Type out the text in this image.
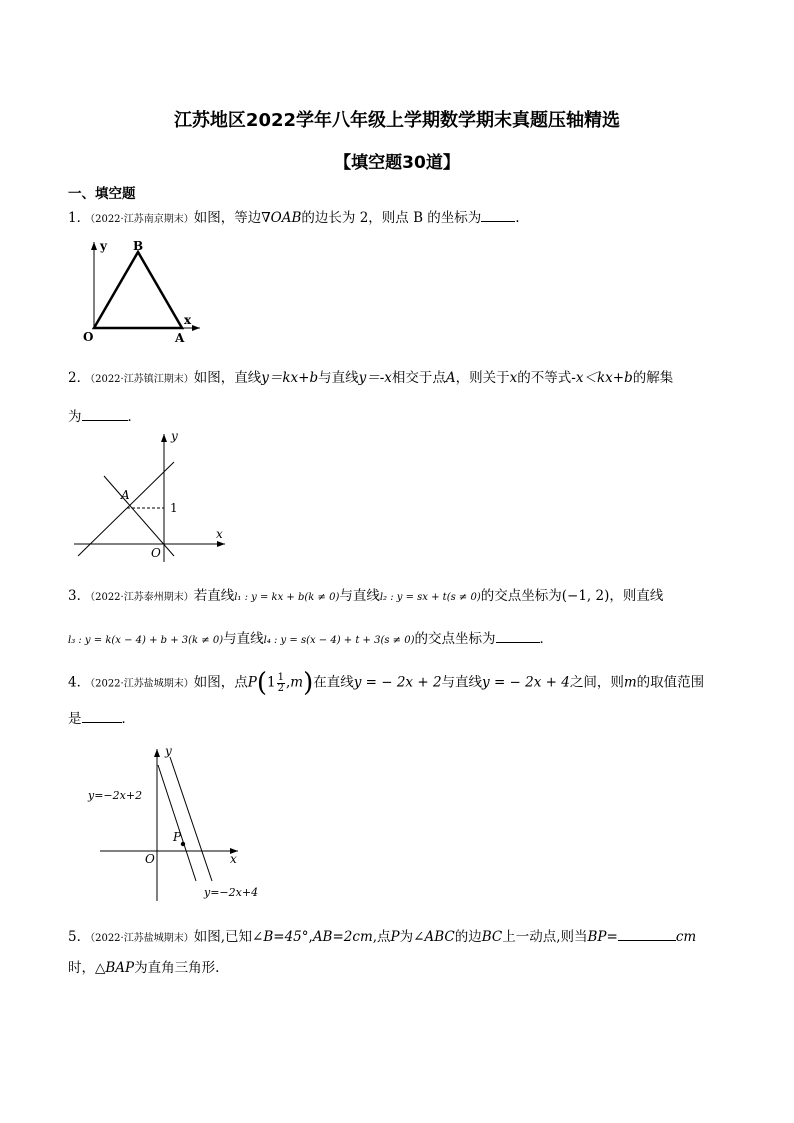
江苏地区2022学年八年级上学期数学期末真题压轴精选
【填空题30道】
一、填空题
1．（2022·江苏南京期末）如图，等边∇OAB的边长为 2，则点 B 的坐标为	.
y
x
O	A
B
2．（2022·江苏镇江期末）如图，直线y＝kx+b与直线y＝-x相交于点A，则关于x的不等式-x＜kx+b的解集
为	．
y
x
O
A
1
3．（2022·江苏泰州期末）若直线l₁ : y = kx + b(k ≠ 0)与直线l₂ : y = sx + t(s ≠ 0)的交点坐标为(−1, 2)，则直线
l₃ : y = k(x − 4) + b + 3(k ≠ 0)与直线l₄ : y = s(x − 4) + t + 3(s ≠ 0)的交点坐标为	．
4．（2022·江苏盐城期末）如图，点$P(1 \frac{1}{2} ,m)$在直线y = − 2x + 2与直线y = − 2x + 4之间，则m的取值范围
是	．
y
x
O
P
y=−2x+2
y=−2x+4
5．（2022·江苏盐城期末）如图,已知∠B=45°,AB=2cm,点P为∠ABC的边BC上一动点,则当BP=	cm
时，△BAP为直角三角形.
